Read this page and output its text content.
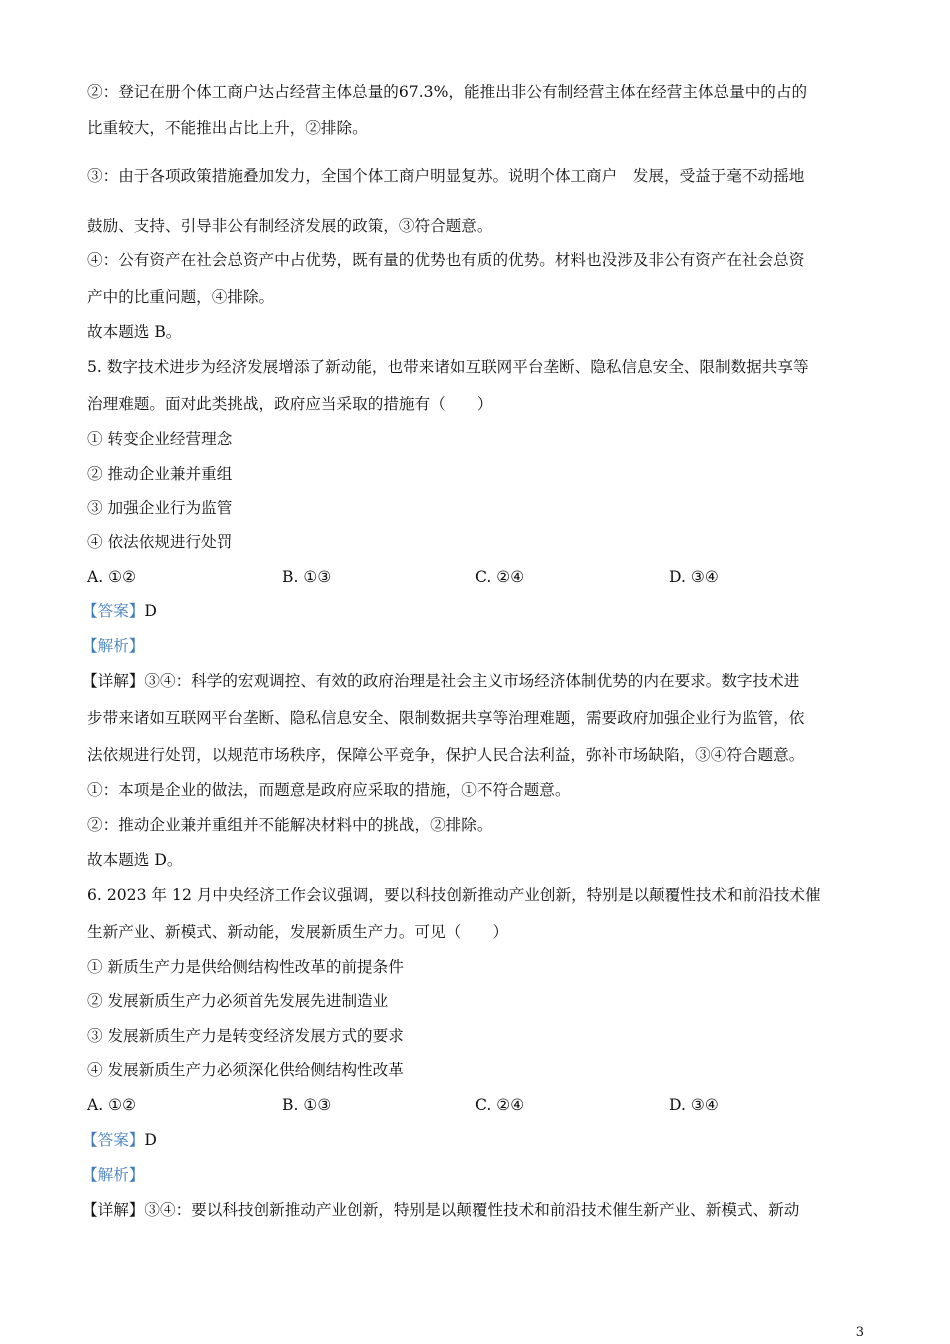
②：登记在册个体工商户达占经营主体总量的67.3%，能推出非公有制经营主体在经营主体总量中的占的
比重较大，不能推出占比上升，②排除。
③：由于各项政策措施叠加发力，全国个体工商户明显复苏。说明个体工商户　发展，受益于毫不动摇地
鼓励、支持、引导非公有制经济发展的政策，③符合题意。
④：公有资产在社会总资产中占优势，既有量的优势也有质的优势。材料也没涉及非公有资产在社会总资
产中的比重问题，④排除。
故本题选 B。
5. 数字技术进步为经济发展增添了新动能，也带来诸如互联网平台垄断、隐私信息安全、限制数据共享等
治理难题。面对此类挑战，政府应当采取的措施有（　　）
① 转变企业经营理念
② 推动企业兼并重组
③ 加强企业行为监管
④ 依法依规进行处罚
A. ①②	B. ①③	C. ②④	D. ③④
【答案】D
【解析】
【详解】③④：科学的宏观调控、有效的政府治理是社会主义市场经济体制优势的内在要求。数字技术进
步带来诸如互联网平台垄断、隐私信息安全、限制数据共享等治理难题，需要政府加强企业行为监管，依
法依规进行处罚，以规范市场秩序，保障公平竞争，保护人民合法利益，弥补市场缺陷，③④符合题意。
①：本项是企业的做法，而题意是政府应采取的措施，①不符合题意。
②：推动企业兼并重组并不能解决材料中的挑战，②排除。
故本题选 D。
6. 2023 年 12 月中央经济工作会议强调，要以科技创新推动产业创新，特别是以颠覆性技术和前沿技术催
生新产业、新模式、新动能，发展新质生产力。可见（　　）
① 新质生产力是供给侧结构性改革的前提条件
② 发展新质生产力必须首先发展先进制造业
③ 发展新质生产力是转变经济发展方式的要求
④ 发展新质生产力必须深化供给侧结构性改革
A. ①②	B. ①③	C. ②④	D. ③④
【答案】D
【解析】
【详解】③④：要以科技创新推动产业创新，特别是以颠覆性技术和前沿技术催生新产业、新模式、新动
3
